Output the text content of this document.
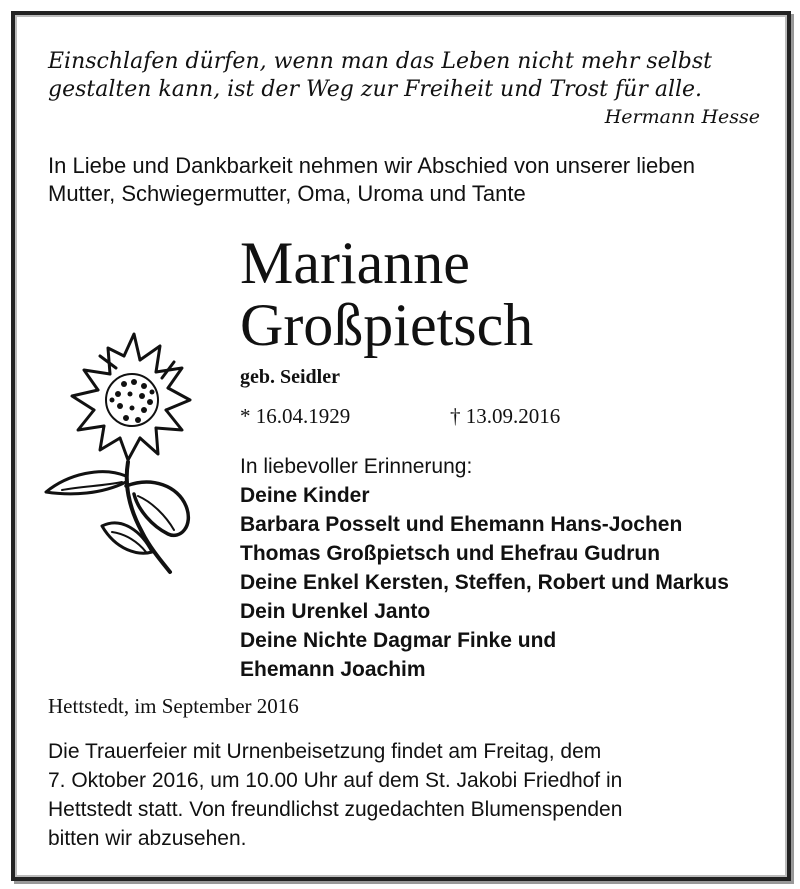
Einschlafen dürfen, wenn man das Leben nicht mehr selbst
gestalten kann, ist der Weg zur Freiheit und Trost für alle.
Hermann Hesse
In Liebe und Dankbarkeit nehmen wir Abschied von unserer lieben
Mutter, Schwiegermutter, Oma, Uroma und Tante
Marianne
Großpietsch
geb. Seidler
* 16.04.1929	† 13.09.2016
In liebevoller Erinnerung:
Deine Kinder
Barbara Posselt und Ehemann Hans-Jochen
Thomas Großpietsch und Ehefrau Gudrun
Deine Enkel Kersten, Steffen, Robert und Markus
Dein Urenkel Janto
Deine Nichte Dagmar Finke und
Ehemann Joachim
Hettstedt, im September 2016
Die Trauerfeier mit Urnenbeisetzung findet am Freitag, dem
7. Oktober 2016, um 10.00 Uhr auf dem St. Jakobi Friedhof in
Hettstedt statt. Von freundlichst zugedachten Blumenspenden
bitten wir abzusehen.
